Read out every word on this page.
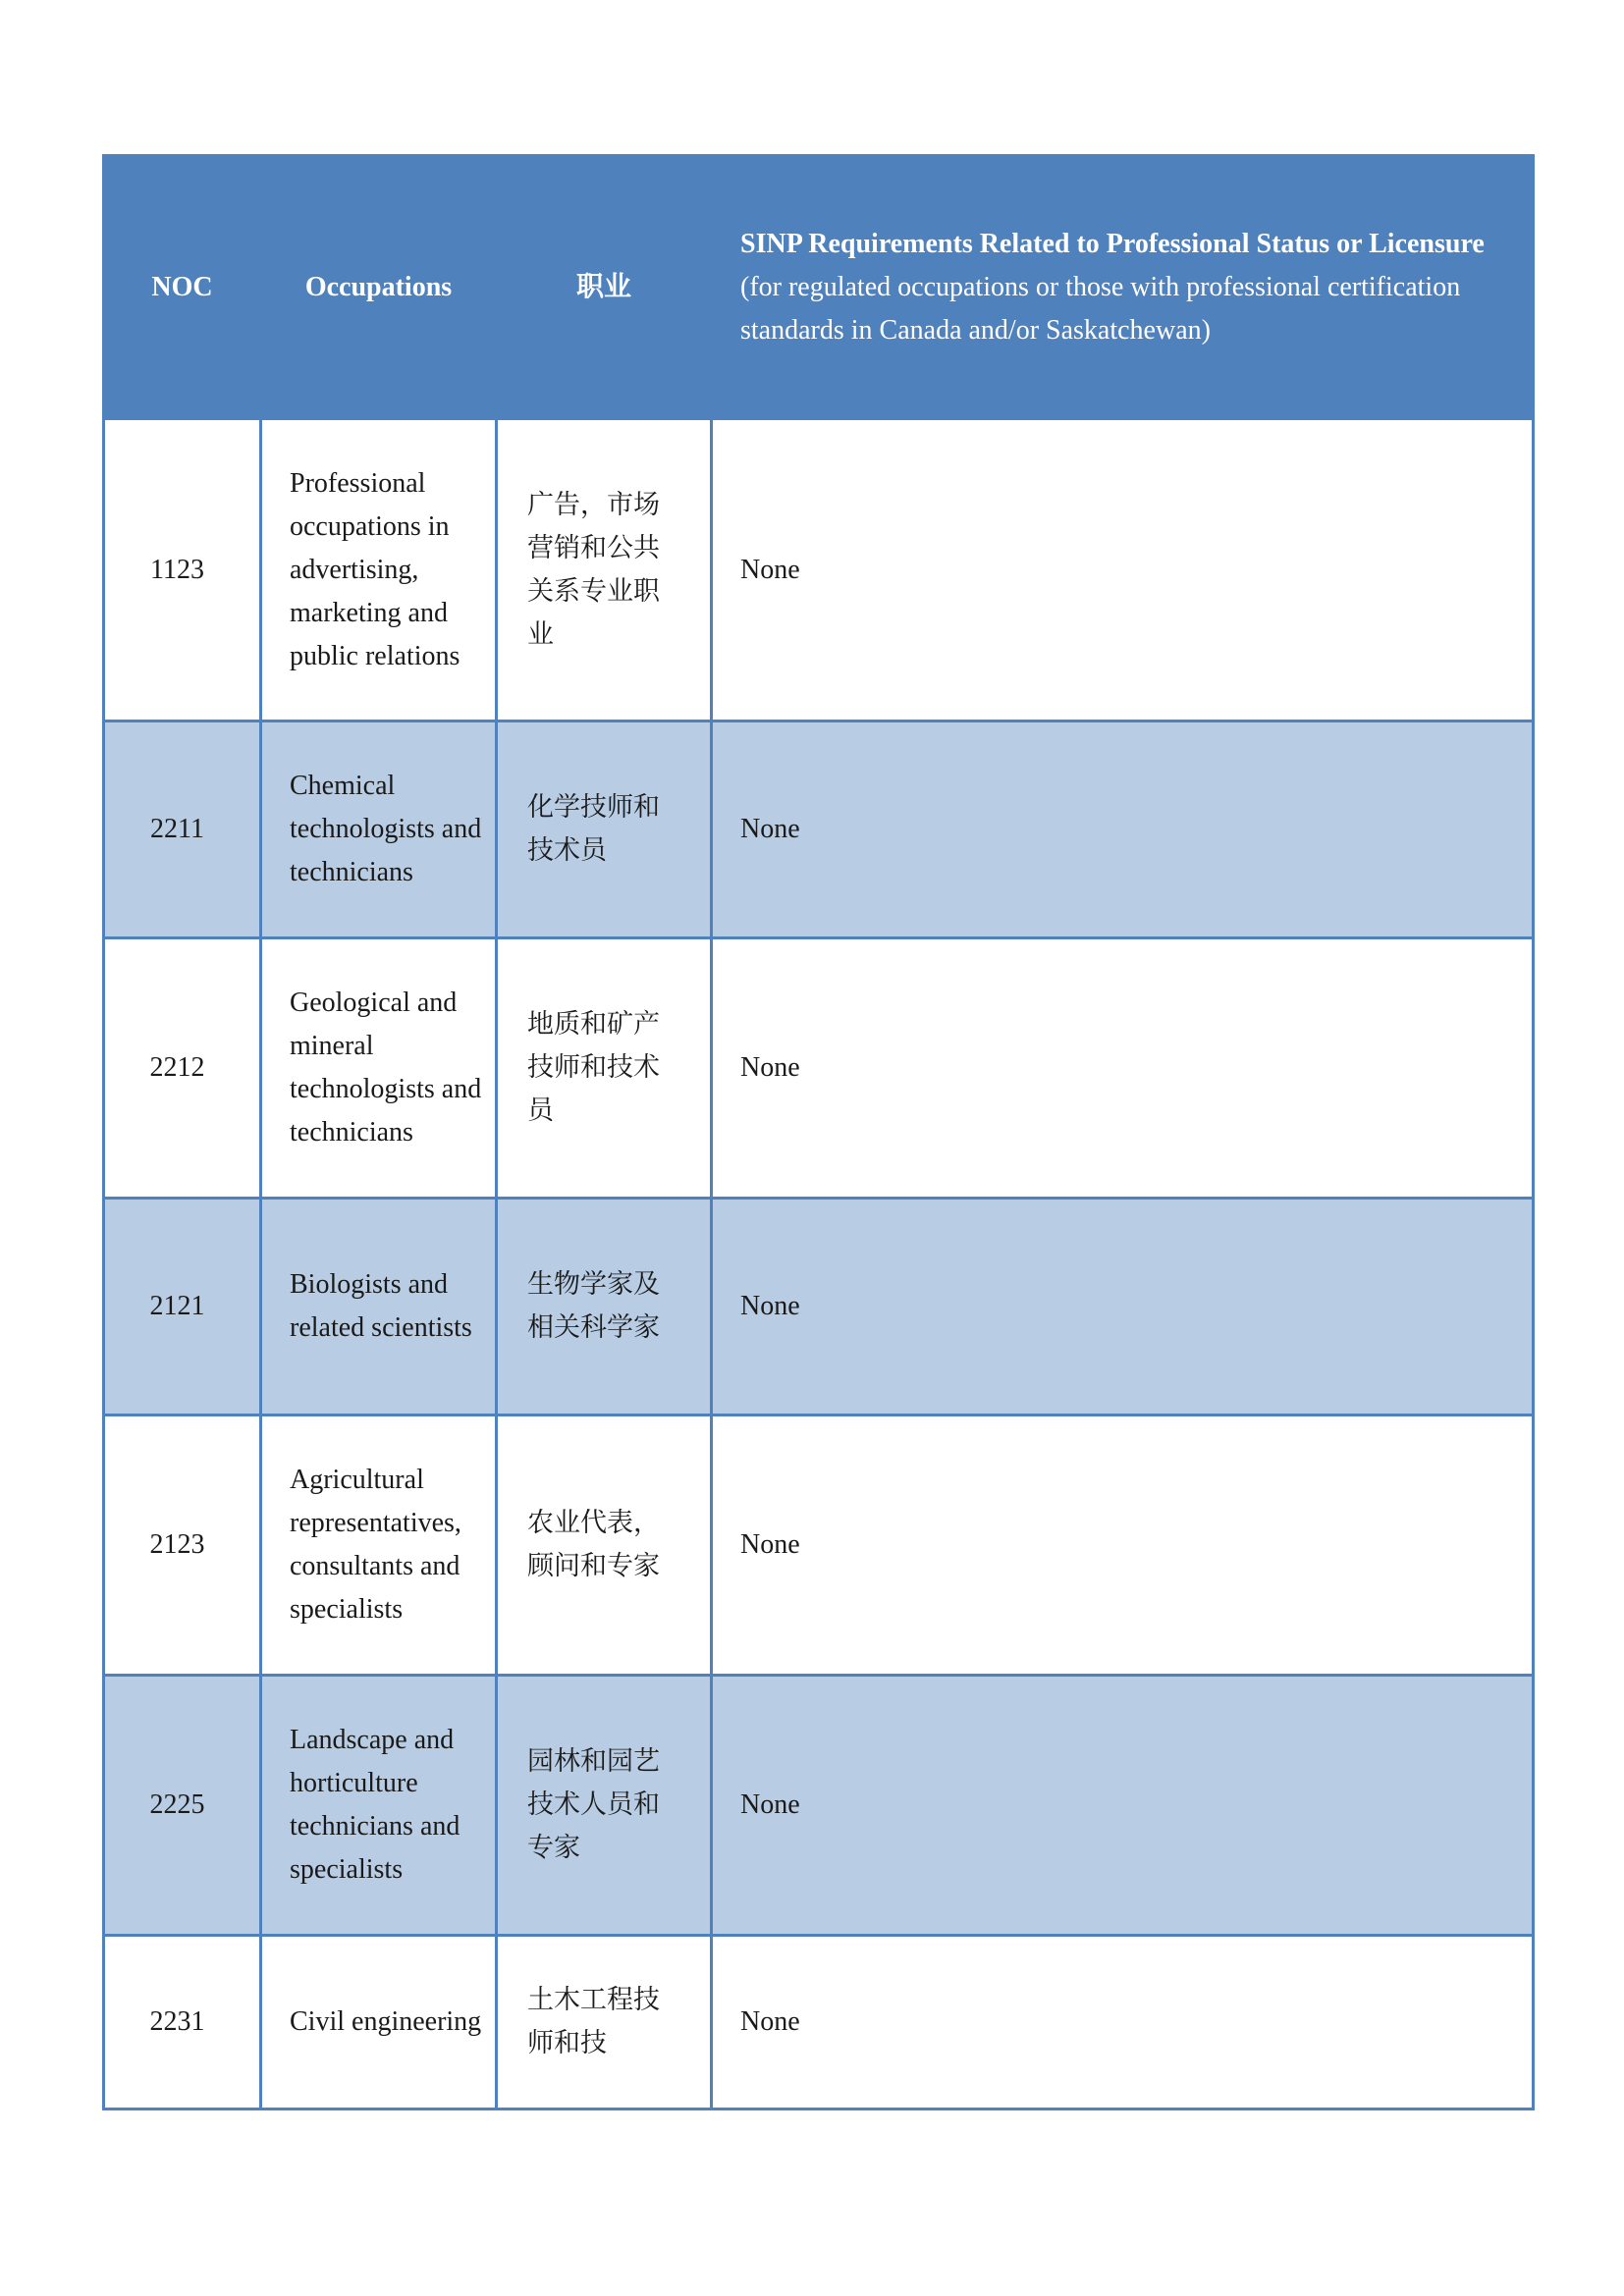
NOC	Occupations	职业	SINP Requirements Related to Professional Status or Licensure
(for regulated occupations or those with professional certification standards in Canada and/or Saskatchewan)

1123	Professional occupations in advertising, marketing and public relations	广告，市场营销和公共关系专业职业	None
2211	Chemical technologists and technicians	化学技师和技术员	None
2212	Geological and mineral technologists and technicians	地质和矿产技师和技术员	None
2121	Biologists and related scientists	生物学家及相关科学家	None
2123	Agricultural representatives, consultants and specialists	农业代表，顾问和专家	None
2225	Landscape and horticulture technicians and specialists	园林和园艺技术人员和专家	None
2231	Civil engineering	土木工程技师和技	None
